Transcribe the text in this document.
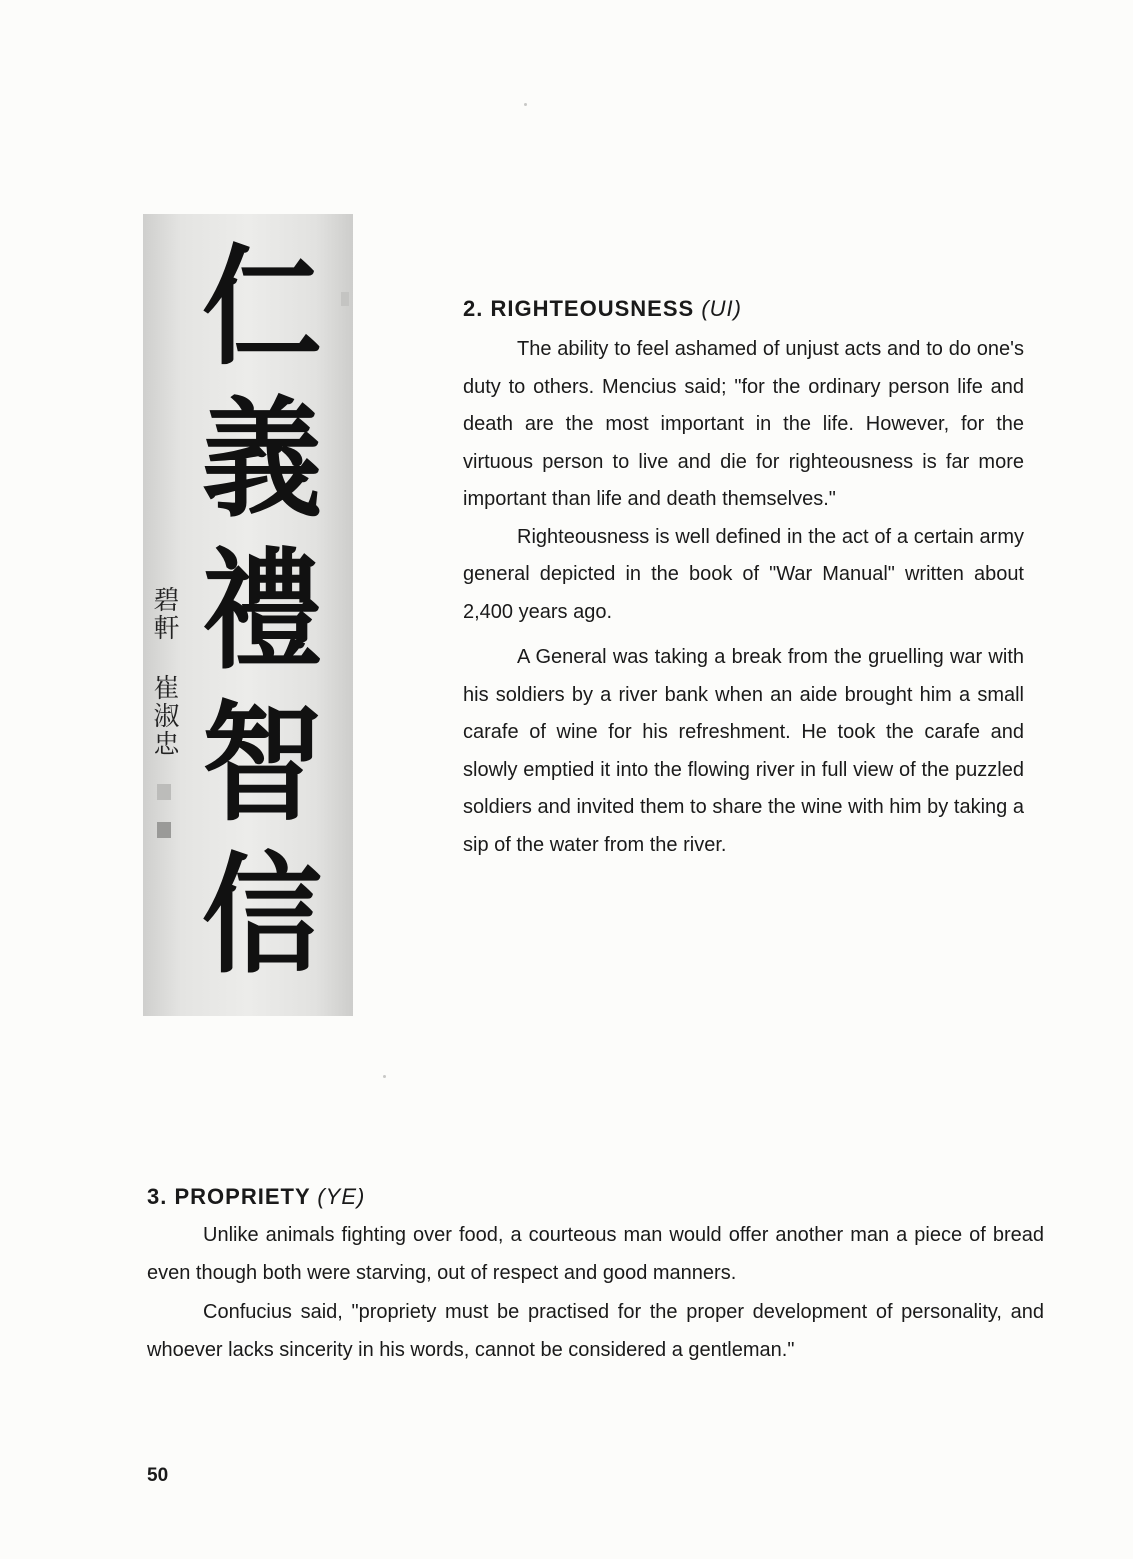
仁
義
禮
智
信
碧軒 崔淑忠
2. RIGHTEOUSNESS (UI)

The ability to feel ashamed of unjust acts and to do one's duty to others. Mencius said; "for the ordinary person life and death are the most important in the life. However, for the virtuous person to live and die for righteousness is far more important than life and death themselves."

Righteousness is well defined in the act of a certain army general depicted in the book of "War Manual" written about 2,400 years ago.

A General was taking a break from the gruelling war with his soldiers by a river bank when an aide brought him a small carafe of wine for his refreshment. He took the carafe and slowly emptied it into the flowing river in full view of the puzzled soldiers and invited them to share the wine with him by taking a sip of the water from the river.

3. PROPRIETY (YE)

Unlike animals fighting over food, a courteous man would offer another man a piece of bread even though both were starving, out of respect and good manners.

Confucius said, "propriety must be practised for the proper development of personality, and whoever lacks sincerity in his words, cannot be considered a gentleman."

50
